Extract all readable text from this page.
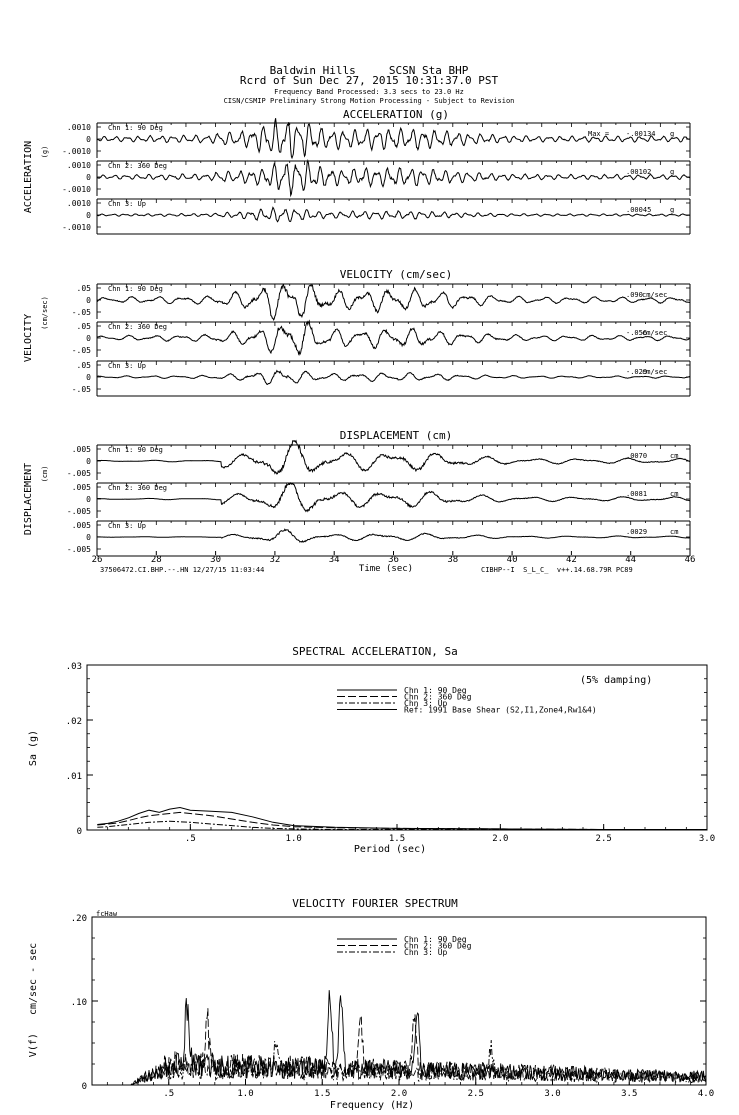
Baldwin Hills     SCSN Sta BHP
Rcrd of Sun Dec 27, 2015 10:31:37.0 PST
Frequency Band Processed: 3.3 secs to 23.0 Hz
CISN/CSMIP Preliminary Strong Motion Processing - Subject to Revision
ACCELERATION (g)
ACCELERATION (g)
.0010
0
-.0010
Chn 1: 90 Deg
Max = -.00134 g
.0010
0
-.0010
Chn 2: 360 Deg
.00102	g
.0010
0
-.0010
Chn 3: Up
.00045	g
VELOCITY (cm/sec)
VELOCITY
(cm/sec)
.05
0
-.05
Chn 1: 90 Deg
.090 cm/sec
.05
0
-.05
Chn 2: 360 Deg
-.056
cm/sec
.05
0
-.05
Chn 3: Up
-.029
cm/sec
DISPLACEMENT (cm)
DISPLACEMENT (cm)
.005
0
-.005
Chn 1: 90 Deg
.0070	cm
.005
0
-.005
Chn 2: 360 Deg
.0081	cm
.005
0
-.005
Chn 3: Up
.0029	cm
26	28	30	32	34	36	38	40	42	44	46
Time (sec)
37506472.CI.BHP.--.HN 12/27/15 11:03:44	CIBHP--I  S_L_C_  v++.14.68.79R PC89
SPECTRAL ACCELERATION, Sa
(5% damping)
Sa (g)
Period (sec)
.5	1.0	1.5	2.0	2.5	3.0
.03
.02
.01
0
Chn 1: 90 Deg
Chn 2: 360 Deg
Chn 3: Up
Ref: 1991 Base Shear (S2,I1,Zone4,Rw1&4)
VELOCITY FOURIER SPECTRUM
fcHaw
V(f)   cm/sec - sec
Frequency (Hz)
.5	1.0	1.5	2.0	2.5	3.0	3.5	4.0
.20
.10
0
Chn 1: 90 Deg
Chn 2: 360 Deg
Chn 3: Up
